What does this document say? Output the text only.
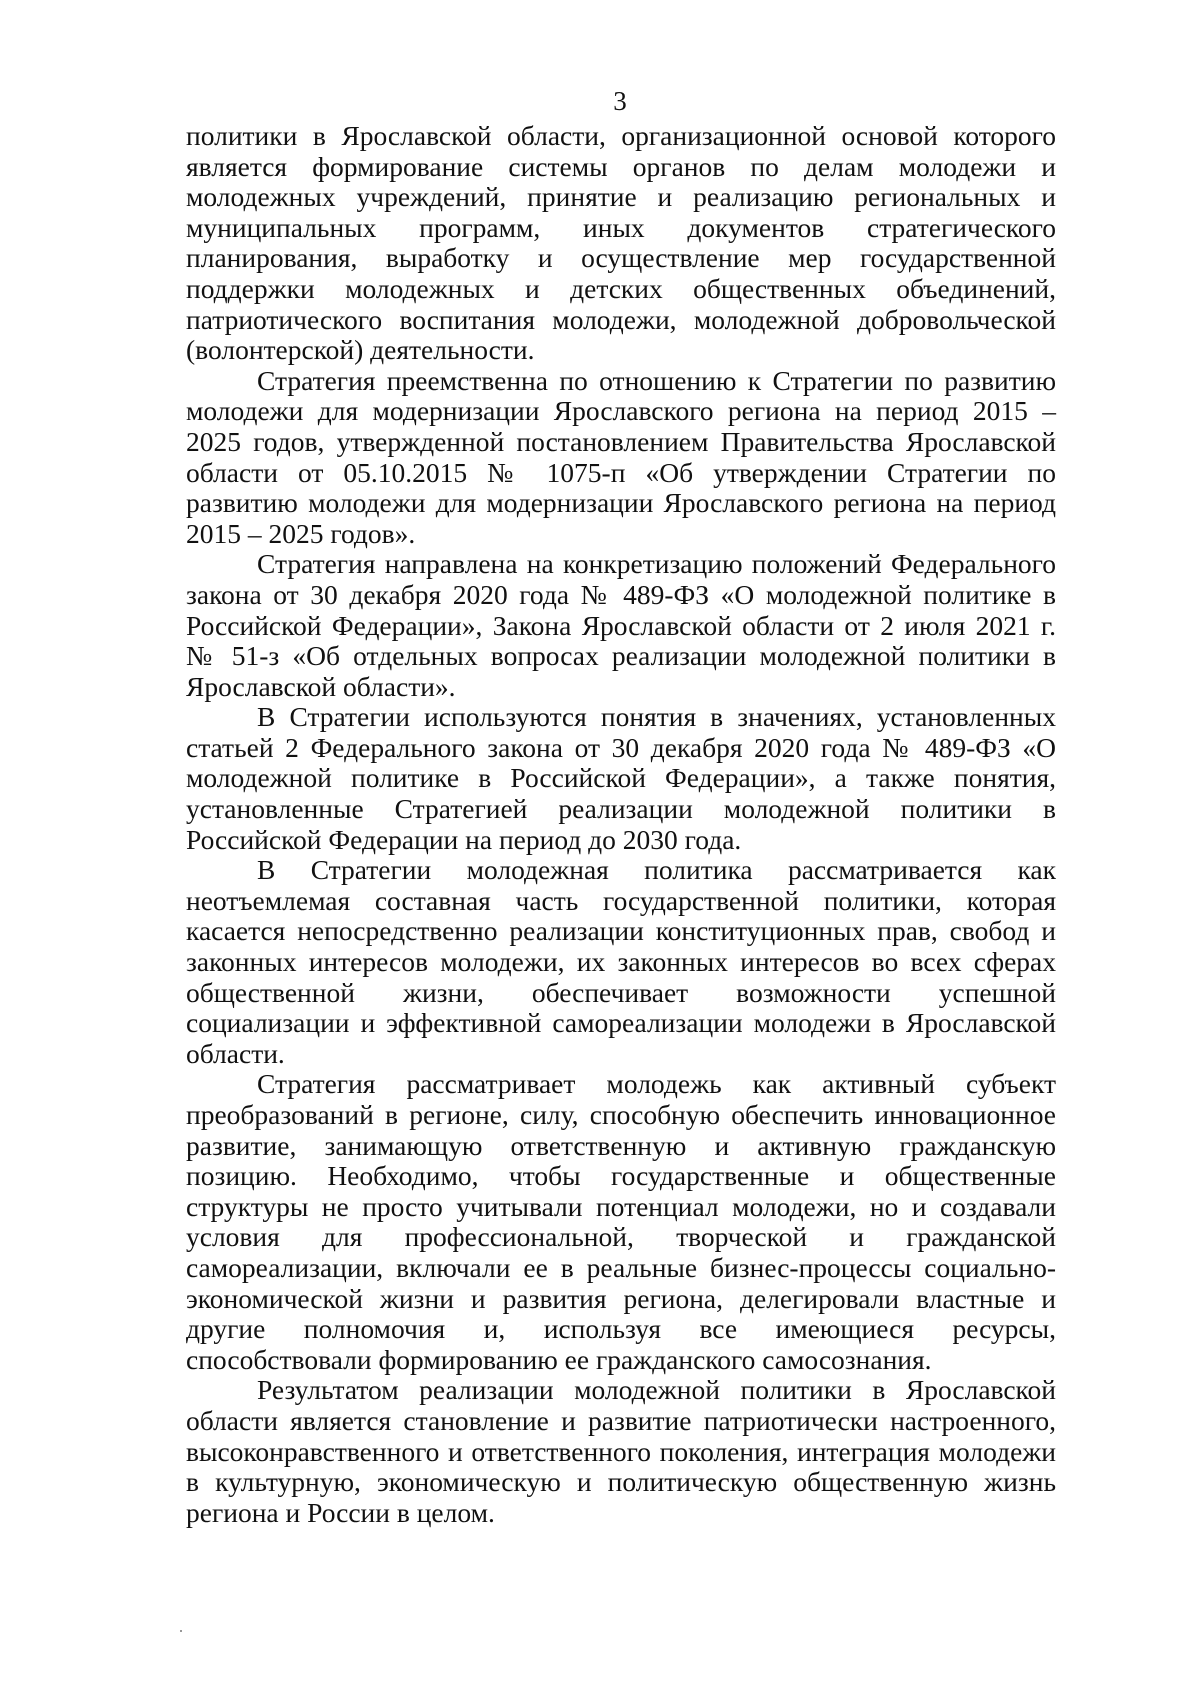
3

политики в Ярославской области, организационной основой которого является формирование системы органов по делам молодежи и молодежных учреждений, принятие и реализацию региональных и муниципальных программ, иных документов стратегического планирования, выработку и осуществление мер государственной поддержки молодежных и детских общественных объединений, патриотического воспитания молодежи, молодежной добровольческой (волонтерской) деятельности.

Стратегия преемственна по отношению к Стратегии по развитию молодежи для модернизации Ярославского региона на период 2015 – 2025 годов, утвержденной постановлением Правительства Ярославской области от 05.10.2015 № 1075-п «Об утверждении Стратегии по развитию молодежи для модернизации Ярославского региона на период 2015 – 2025 годов».

Стратегия направлена на конкретизацию положений Федерального закона от 30 декабря 2020 года № 489-ФЗ «О молодежной политике в Российской Федерации», Закона Ярославской области от 2 июля 2021 г. № 51-з «Об отдельных вопросах реализации молодежной политики в Ярославской области».

В Стратегии используются понятия в значениях, установленных статьей 2 Федерального закона от 30 декабря 2020 года № 489-ФЗ «О молодежной политике в Российской Федерации», а также понятия, установленные Стратегией реализации молодежной политики в Российской Федерации на период до 2030 года.

В Стратегии молодежная политика рассматривается как неотъемлемая составная часть государственной политики, которая касается непосредственно реализации конституционных прав, свобод и законных интересов молодежи, их законных интересов во всех сферах общественной жизни, обеспечивает возможности успешной социализации и эффективной самореализации молодежи в Ярославской области.

Стратегия рассматривает молодежь как активный субъект преобразований в регионе, силу, способную обеспечить инновационное развитие, занимающую ответственную и активную гражданскую позицию. Необходимо, чтобы государственные и общественные структуры не просто учитывали потенциал молодежи, но и создавали условия для профессиональной, творческой и гражданской самореализации, включали ее в реальные бизнес-процессы социально-экономической жизни и развития региона, делегировали властные и другие полномочия и, используя все имеющиеся ресурсы, способствовали формированию ее гражданского самосознания.

Результатом реализации молодежной политики в Ярославской области является становление и развитие патриотически настроенного, высоконравственного и ответственного поколения, интеграция молодежи в культурную, экономическую и политическую общественную жизнь региона и России в целом.
